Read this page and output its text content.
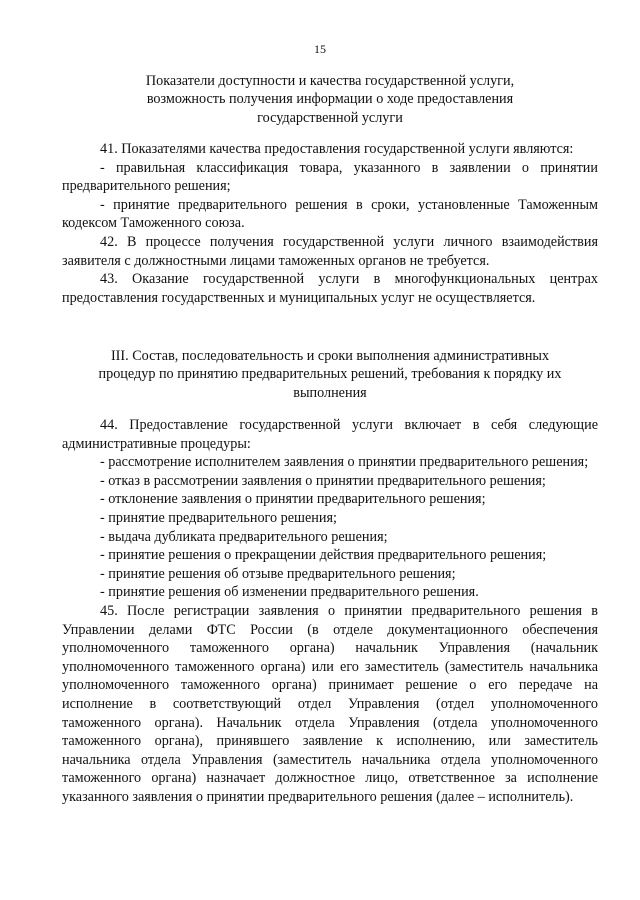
15
Показатели доступности и качества государственной услуги,
возможность получения информации о ходе предоставления
государственной услуги

41. Показателями качества предоставления государственной услуги являются:

- правильная классификация товара, указанного в заявлении о принятии предварительного решения;

- принятие предварительного решения в сроки, установленные Таможенным кодексом Таможенного союза.

42. В процессе получения государственной услуги личного взаимодействия заявителя с должностными лицами таможенных органов не требуется.

43. Оказание государственной услуги в многофункциональных центрах предоставления государственных и муниципальных услуг не осуществляется.

III. Состав, последовательность и сроки выполнения административных
процедур по принятию предварительных решений, требования к порядку их
выполнения

44. Предоставление государственной услуги включает в себя следующие административные процедуры:

- рассмотрение исполнителем заявления о принятии предварительного решения;

- отказ в рассмотрении заявления о принятии предварительного решения;

- отклонение заявления о принятии предварительного решения;

- принятие предварительного решения;

- выдача дубликата предварительного решения;

- принятие решения о прекращении действия предварительного решения;

- принятие решения об отзыве предварительного решения;

- принятие решения об изменении предварительного решения.

45. После регистрации заявления о принятии предварительного решения в Управлении делами ФТС России (в отделе документационного обеспечения уполномоченного таможенного органа) начальник Управления (начальник уполномоченного таможенного органа) или его заместитель (заместитель начальника уполномоченного таможенного органа) принимает решение о его передаче на исполнение в соответствующий отдел Управления (отдел уполномоченного таможенного органа). Начальник отдела Управления (отдела уполномоченного таможенного органа), принявшего заявление к исполнению, или заместитель начальника отдела Управления (заместитель начальника отдела уполномоченного таможенного органа) назначает должностное лицо, ответственное за исполнение указанного заявления о принятии предварительного решения (далее – исполнитель).
